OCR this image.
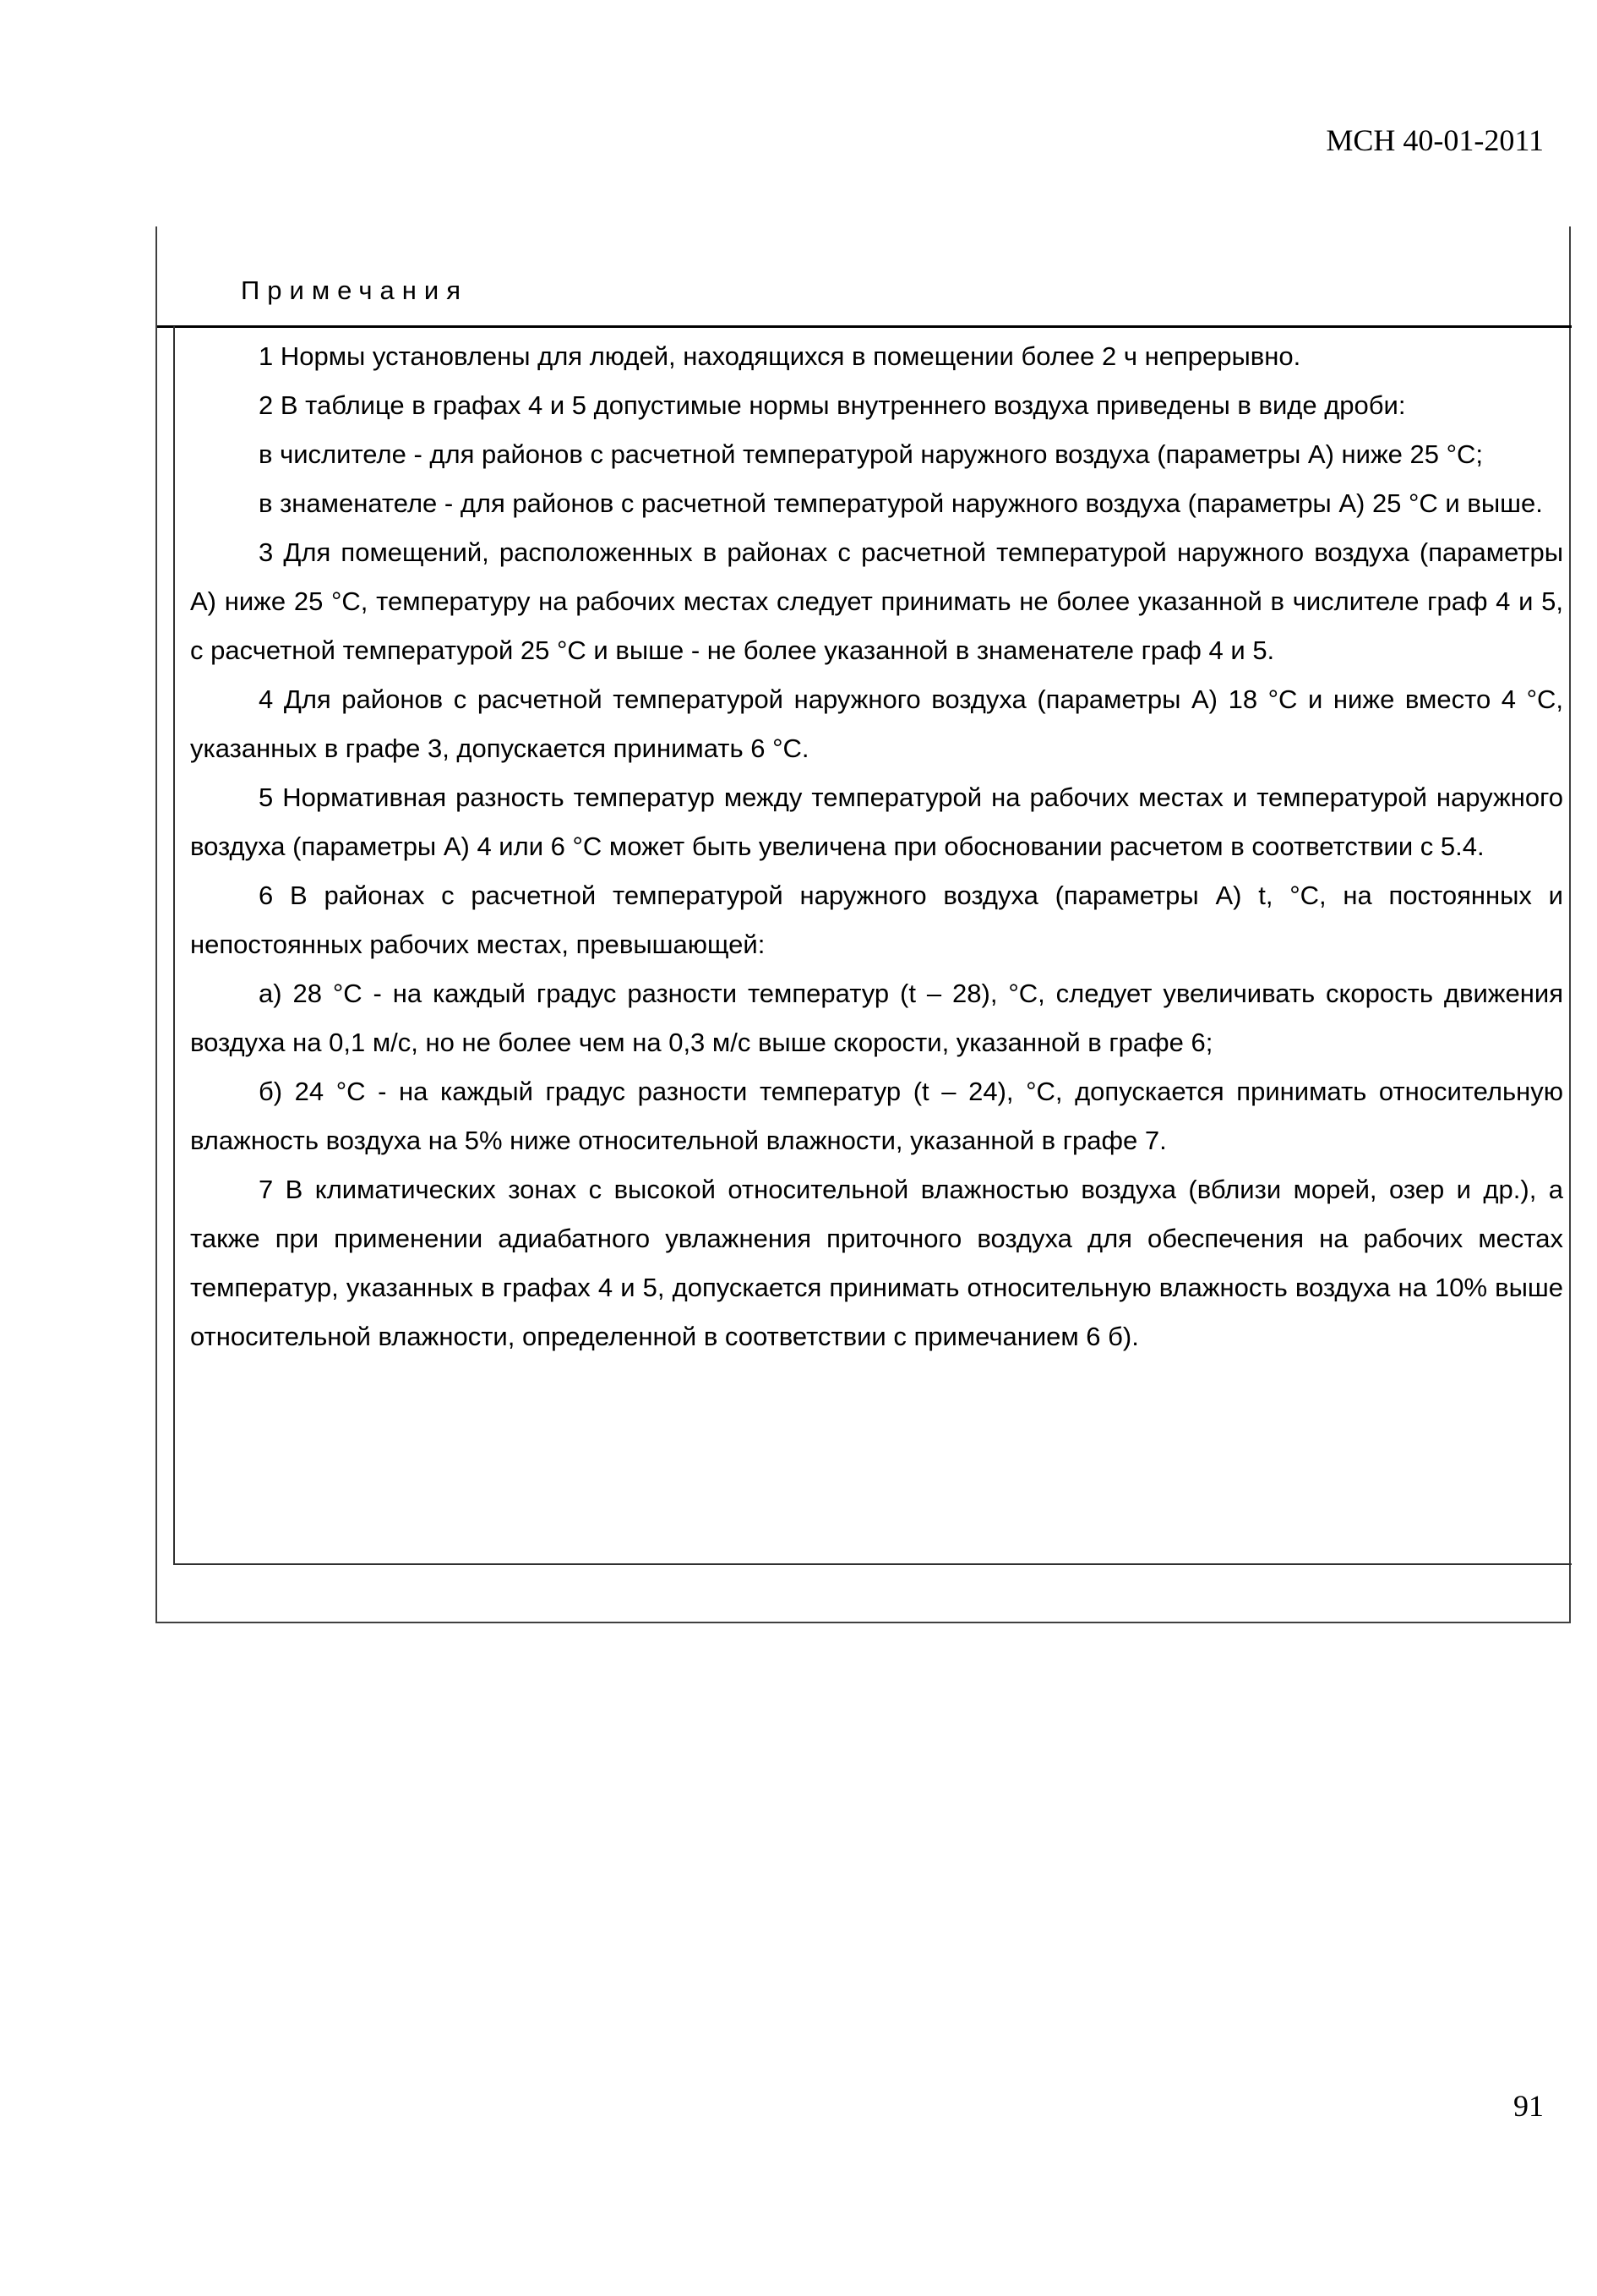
МСН 40-01-2011
Примечания

1 Нормы установлены для людей, находящихся в помещении более 2 ч непрерывно.

2 В таблице в графах 4 и 5 допустимые нормы внутреннего воздуха приведены в виде дроби:

в числителе - для районов с расчетной температурой наружного воздуха (параметры А) ниже 25 °С;

в знаменателе - для районов с расчетной температурой наружного воздуха (параметры А) 25 °С и выше.

3 Для помещений, расположенных в районах с расчетной температурой наружного воздуха (параметры А) ниже 25 °С, температуру на рабочих местах следует принимать не более указанной в числителе граф 4 и 5, с расчетной температурой 25 °С и выше - не более указанной в знаменателе граф 4 и 5.

4 Для районов с расчетной температурой наружного воздуха (параметры А) 18 °С и ниже вместо 4 °С, указанных в графе 3, допускается принимать 6 °С.

5 Нормативная разность температур между температурой на рабочих местах и температурой наружного воздуха (параметры А) 4 или 6 °С может быть увеличена при обосновании расчетом в соответствии с 5.4.

6 В районах с расчетной температурой наружного воздуха (параметры А) t, °С, на постоянных и непостоянных рабочих местах, превышающей:

а) 28 °С - на каждый градус разности температур (t – 28), °С, следует увеличивать скорость движения воздуха на 0,1 м/с, но не более чем на 0,3 м/с выше скорости, указанной в графе 6;

б) 24 °С - на каждый градус разности температур (t – 24), °С, допускается принимать относительную влажность воздуха на 5% ниже относительной влажности, указанной в графе 7.

7 В климатических зонах с высокой относительной влажностью воздуха (вблизи морей, озер и др.), а также при применении адиабатного увлажнения приточного воздуха для обеспечения на рабочих местах температур, указанных в графах 4 и 5, допускается принимать относительную влажность воздуха на 10% выше относительной влажности, определенной в соответствии с примечанием 6 б).

91
